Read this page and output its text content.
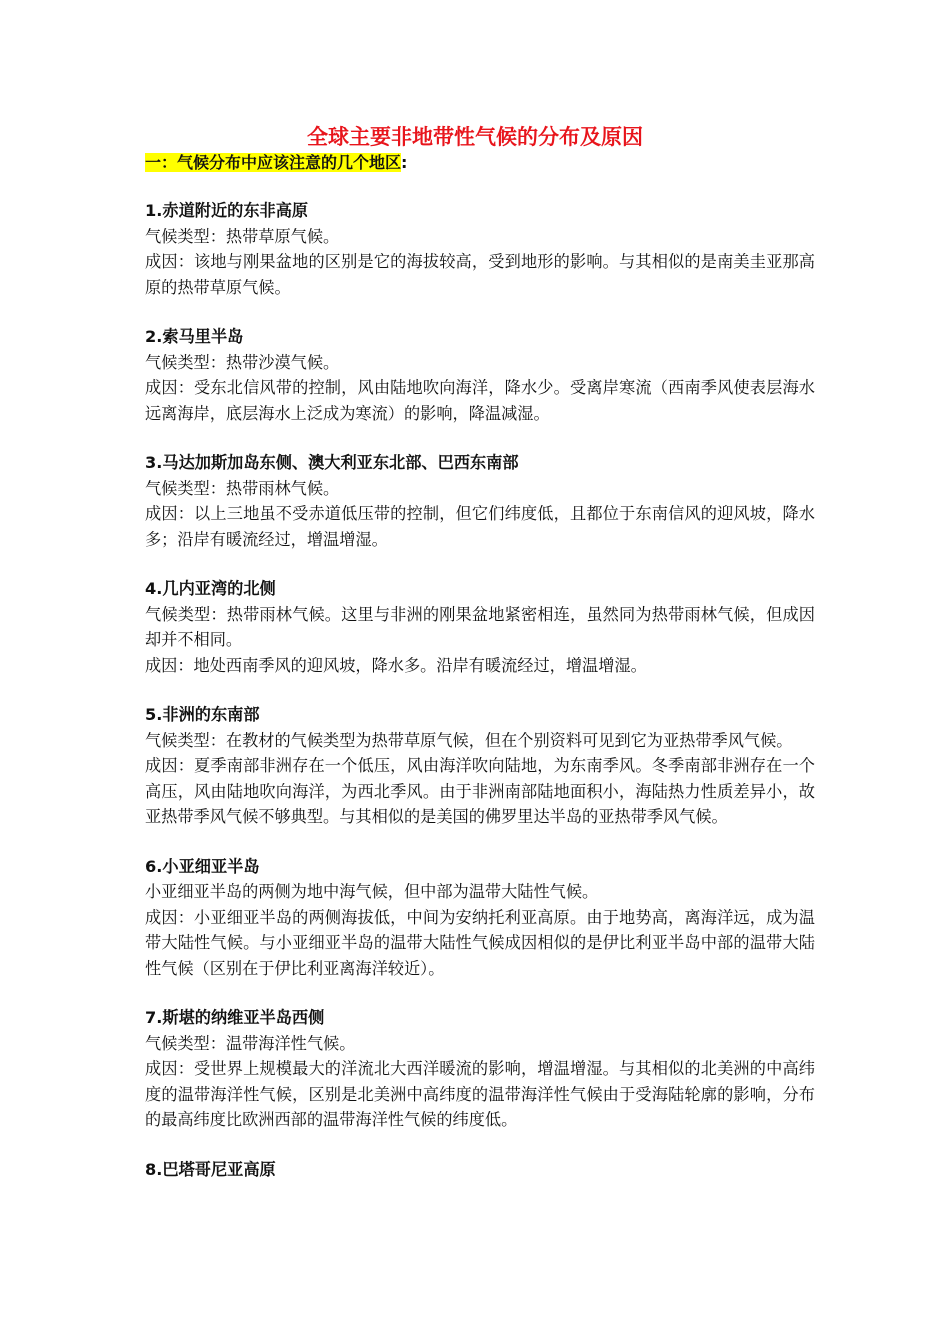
全球主要非地带性气候的分布及原因
一：气候分布中应该注意的几个地区:
1.赤道附近的东非高原

气候类型：热带草原气候。

成因：该地与刚果盆地的区别是它的海拔较高，受到地形的影响。与其相似的是南美圭亚那高原的热带草原气候。

2.索马里半岛

气候类型：热带沙漠气候。

成因：受东北信风带的控制，风由陆地吹向海洋，降水少。受离岸寒流（西南季风使表层海水远离海岸，底层海水上泛成为寒流）的影响，降温减湿。

3.马达加斯加岛东侧、澳大利亚东北部、巴西东南部

气候类型：热带雨林气候。

成因：以上三地虽不受赤道低压带的控制，但它们纬度低，且都位于东南信风的迎风坡，降水多；沿岸有暖流经过，增温增湿。

4.几内亚湾的北侧

气候类型：热带雨林气候。这里与非洲的刚果盆地紧密相连，虽然同为热带雨林气候，但成因却并不相同。

成因：地处西南季风的迎风坡，降水多。沿岸有暖流经过，增温增湿。

5.非洲的东南部

气候类型：在教材的气候类型为热带草原气候，但在个别资料可见到它为亚热带季风气候。

成因：夏季南部非洲存在一个低压，风由海洋吹向陆地，为东南季风。冬季南部非洲存在一个高压，风由陆地吹向海洋，为西北季风。由于非洲南部陆地面积小，海陆热力性质差异小，故亚热带季风气候不够典型。与其相似的是美国的佛罗里达半岛的亚热带季风气候。

6.小亚细亚半岛

小亚细亚半岛的两侧为地中海气候，但中部为温带大陆性气候。

成因：小亚细亚半岛的两侧海拔低，中间为安纳托利亚高原。由于地势高，离海洋远，成为温带大陆性气候。与小亚细亚半岛的温带大陆性气候成因相似的是伊比利亚半岛中部的温带大陆性气候（区别在于伊比利亚离海洋较近）。

7.斯堪的纳维亚半岛西侧

气候类型：温带海洋性气候。

成因：受世界上规模最大的洋流北大西洋暖流的影响，增温增湿。与其相似的北美洲的中高纬度的温带海洋性气候，区别是北美洲中高纬度的温带海洋性气候由于受海陆轮廓的影响，分布的最高纬度比欧洲西部的温带海洋性气候的纬度低。

8.巴塔哥尼亚高原
